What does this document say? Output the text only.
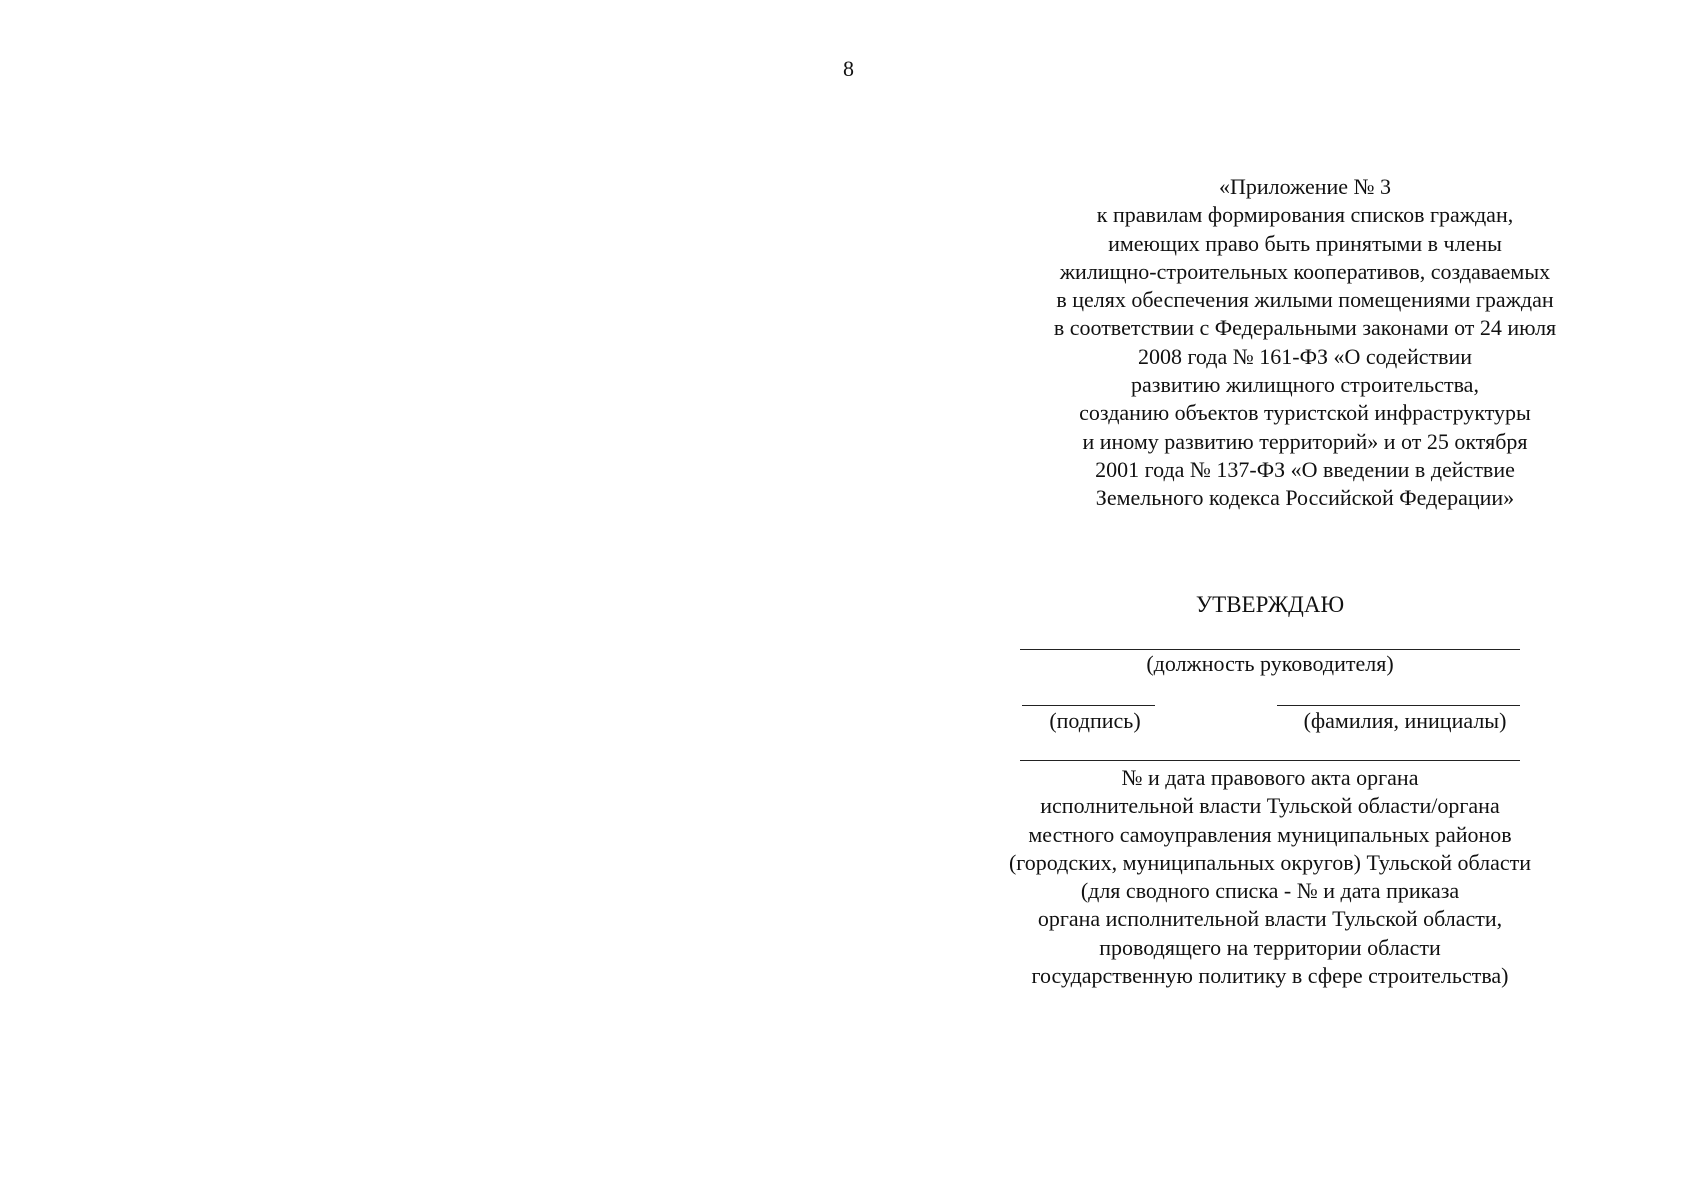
8
«Приложение № 3
к правилам формирования списков граждан,
имеющих право быть принятыми в члены
жилищно-строительных кооперативов, создаваемых
в целях обеспечения жилыми помещениями граждан
в соответствии с Федеральными законами от 24 июля
2008 года № 161-ФЗ «О содействии
развитию жилищного строительства,
созданию объектов туристской инфраструктуры
и иному развитию территорий» и от 25 октября
2001 года № 137-ФЗ «О введении в действие
Земельного кодекса Российской Федерации»
УТВЕРЖДАЮ
(должность руководителя)
(подпись)	(фамилия, инициалы)
№ и дата правового акта органа
исполнительной власти Тульской области/органа
местного самоуправления муниципальных районов
(городских, муниципальных округов) Тульской области
(для сводного списка - № и дата приказа
органа исполнительной власти Тульской области,
проводящего на территории области
государственную политику в сфере строительства)
